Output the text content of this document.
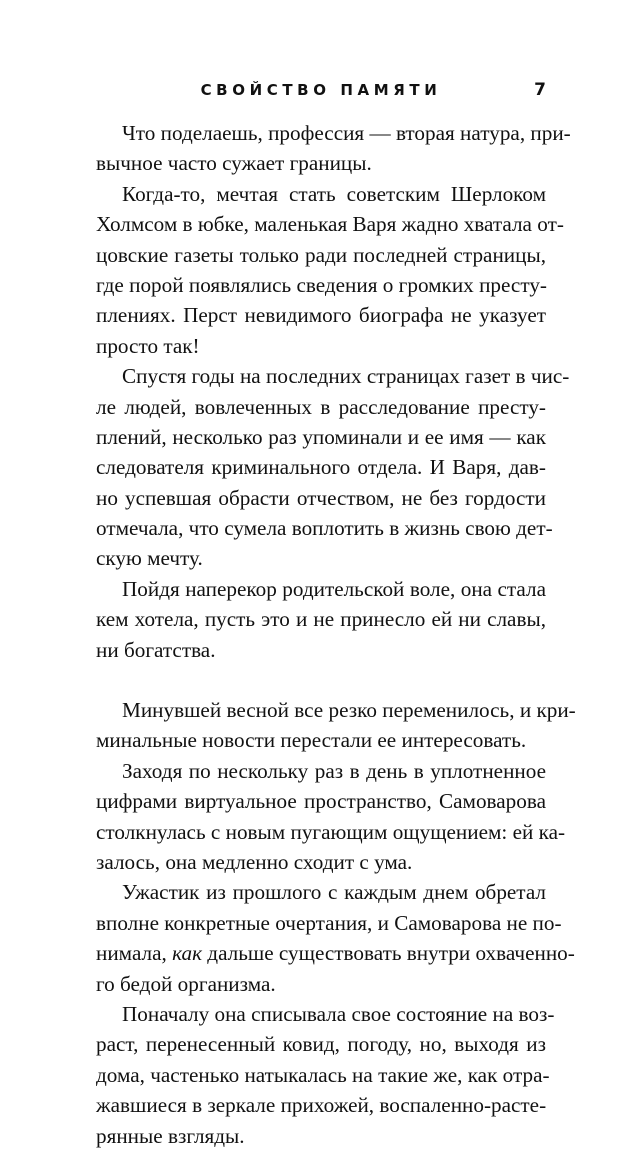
СВОЙСТВО ПАМЯТИ	7

Что поделаешь, профессия — вторая натура, при-
вычное часто сужает границы.

Когда-то, мечтая стать советским Шерлоком
Холмсом в юбке, маленькая Варя жадно хватала от-
цовские газеты только ради последней страницы,
где порой появлялись сведения о громких престу-
плениях. Перст невидимого биографа не указует
просто так!

Спустя годы на последних страницах газет в чис-
ле людей, вовлеченных в расследование престу-
плений, несколько раз упоминали и ее имя — как
следователя криминального отдела. И Варя, дав-
но успевшая обрасти отчеством, не без гордости
отмечала, что сумела воплотить в жизнь свою дет-
скую мечту.

Пойдя наперекор родительской воле, она стала
кем хотела, пусть это и не принесло ей ни славы,
ни богатства.

Минувшей весной все резко переменилось, и кри-
минальные новости перестали ее интересовать.

Заходя по нескольку раз в день в уплотненное
цифрами виртуальное пространство, Самоварова
столкнулась с новым пугающим ощущением: ей ка-
залось, она медленно сходит с ума.

Ужастик из прошлого с каждым днем обретал
вполне конкретные очертания, и Самоварова не по-
нимала, как дальше существовать внутри охваченно-
го бедой организма.

Поначалу она списывала свое состояние на воз-
раст, перенесенный ковид, погоду, но, выходя из
дома, частенько натыкалась на такие же, как отра-
жавшиеся в зеркале прихожей, воспаленно-расте-
рянные взгляды.
